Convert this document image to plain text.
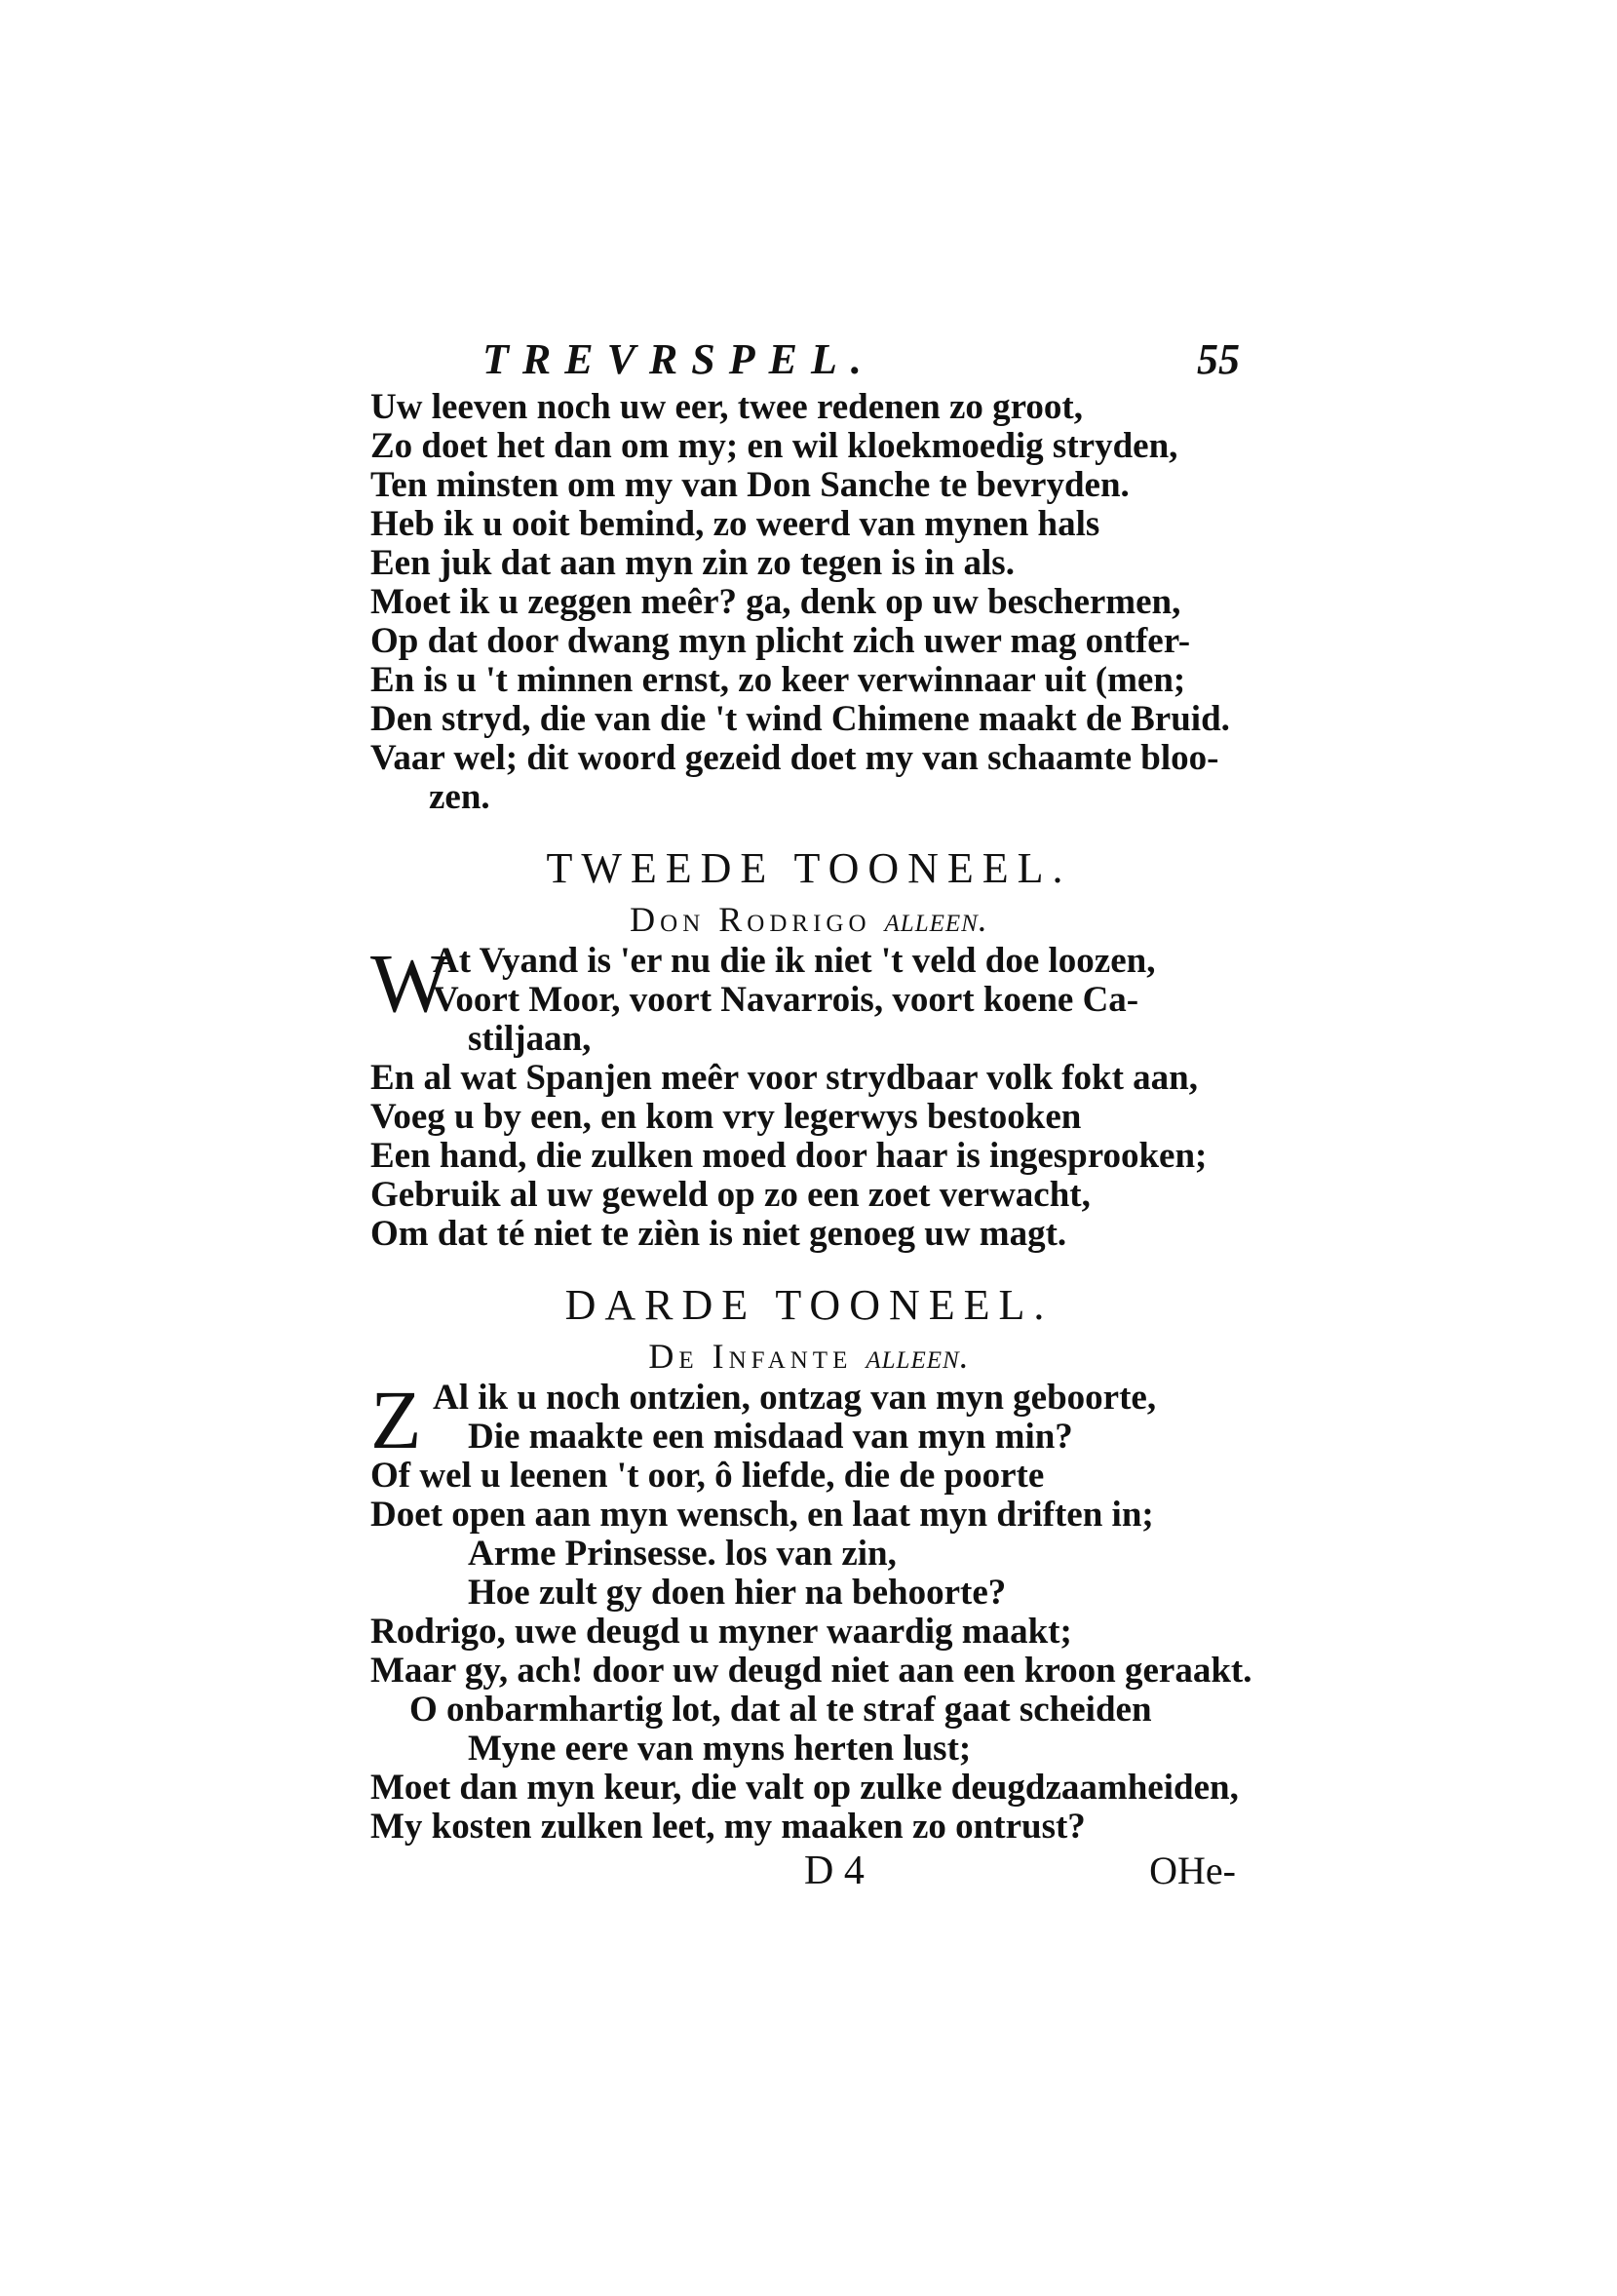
TREVRSPEL.	55
Uw leeven noch uw eer, twee redenen zo groot,
Zo doet het dan om my; en wil kloekmoedig stryden,
Ten minsten om my van Don Sanche te bevryden.
Heb ik u ooit bemind, zo weerd van mynen hals
Een juk dat aan myn zin zo tegen is in als.
Moet ik u zeggen meêr? ga, denk op uw beschermen,
Op dat door dwang myn plicht zich uwer mag ontfer-
En is u 't minnen ernst, zo keer verwinnaar uit (men;
Den stryd, die van die 't wind Chimene maakt de Bruid.
Vaar wel; dit woord gezeid doet my van schaamte bloo-
zen.
TWEEDE TOONEEL.
Don Rodrigo alleen.
W
At Vyand is 'er nu die ik niet 't veld doe loozen,
Voort Moor, voort Navarrois, voort koene Ca-
stiljaan,
En al wat Spanjen meêr voor strydbaar volk fokt aan,
Voeg u by een, en kom vry legerwys bestooken
Een hand, die zulken moed door haar is ingesprooken;
Gebruik al uw geweld op zo een zoet verwacht,
Om dat té niet te zièn is niet genoeg uw magt.
DARDE TOONEEL.
De Infante alleen.
Z Al ik u noch ontzien, ontzag van myn geboorte,
Die maakte een misdaad van myn min?
Of wel u leenen 't oor, ô liefde, die de poorte
Doet open aan myn wensch, en laat myn driften in;
Arme Prinsesse. los van zin,
Hoe zult gy doen hier na behoorte?
Rodrigo, uwe deugd u myner waardig maakt;
Maar gy, ach! door uw deugd niet aan een kroon geraakt.
O onbarmhartig lot, dat al te straf gaat scheiden
Myne eere van myns herten lust;
Moet dan myn keur, die valt op zulke deugdzaamheiden,
My kosten zulken leet, my maaken zo ontrust?
D 4	OHe-
